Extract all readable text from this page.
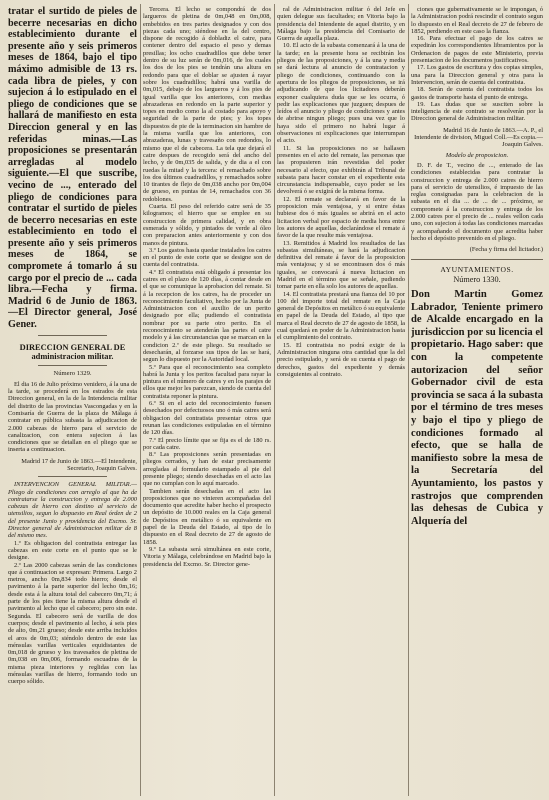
tratar el surtido de pieles de becerre necesarias en dicho establecimiento durante el presente año y seis primeros meses de 1864, bajo el tipo máximo admisible de 13 rs. cada libra de pieles, y con sujecion á lo estipulado en el pliego de condiciones que se hallará de manifiesto en esta Direccion general y en las referidas minas.—Las proposiciones se presentarán arregladas al modelo siguiente.—El que suscribe, vecino de ..., enterado del pliego de condiciones para contratar el surtido de pieles de becerro necesarias en este establecimiento en todo el presente año y seis primeros meses de 1864, se compromete á tomarlo á su cargo por el precio de ... cada libra.—Fecha y firma. Madrid 6 de Junio de 1863. —El Director general, José Gener.

DIRECCION GENERAL DE administracion militar.

Número 1329.

El dia 16 de Julio próximo venidero, á la una de la tarde, se procederá en los estrados de esta Direccion general, en la de la Intendencia militar del distrito de las provincias Vascongadas y en la Comisaría de Guerra de la plaza de Málaga á contratar en pública subasta la adjudicacion de 2.000 cabezas de hierro para el servicio de canalizacion, con entera sujecion á las condiciones que se detallan en el pliego que se inserta a continuacion.

Madrid 17 de Junio de 1863.—El Intendente, Secretario, Joaquin Galves.

INTERVENCION GENERAL MILITAR.—Pliego de condiciones con arreglo al que ha de contratarse la construccion y entrega de 2.000 cabezas de hierro con destino al servicio de utensilios, segun lo dispuesto en Real órden de 2 del presente Junio y providencia del Excmo. Sr. Director general de Administracion militar de 8 del mismo mes.

1.º Es obligacion del contratista entregar las cabezas en este corte en el punto que se le designe.

2.º Las 2000 cabezas serán de las condiciones que á continuacion se expresan: Primera. Largo 2 metros, ancho 0m,834 todo hierro; desde el pavimento á la parte superior del lecho 0m,16; desde esta á la altura total del cabecero 0m,71; á parte de los pies tiene la misma altura desde el pavimento al lecho que el cabecero; pero sin este. Segunda. El cabecero será de varilla de dos cuerpos; desde el pavimento al lecho, á seis pies de alto, 0m,21 grueso; desde este arriba incluidos el aros de 0m,03; siéndolo dentro de este las ménsulas varillas verticales equidistantes de 0m,018 de grueso y los travesaños de pletina de 0m,038 en 0m,006, formando escuadras de la misma pieza interiores y reglidas con las ménsulas varillas de hierro, formando todo un cuerpo sólido.

Tercera. El lecho se compondrá de dos largueros de pletina de 0m,048 en 0m,008, embebidos en tres partes designados y con dos piezas cada uno; siéndose en la del centro, dispone de recogido á dobladiz el catre, para contener dentro del espacio el peso y demas presillas; los ocho cuadradillos que debe tener dentro de su luz serán de 0m,016, de los cuales los dos de los pies se tendrán una altura en redondo para que el doblar se ajusten á rayar sobre los cuadradillos; habrá una varilla de 0m,015, debajo de los largueros y á los pies de igual varilla que los anteriores, con medias abrazaderas en redondo en la parte superior y topes en medio como la al costado para apoyo y seguridad de la parte de pies; y los topes dispuestos de pie de la terminacion sin hambre de la misma varilla que los anteriores, con abrazaderas, lunas y travesaño con redondos, lo mismo que el de cabecera. La tela que dejará el catre despues de recogido será del ancho del lecho, y de 0m,035 de salida, y de dia a el con ruedas la mitad y la tercera: el remachado sobre los dos últimos cuadradillos, y remachados sobre 10 tirantes de flejo de 0m,038 ancho por 0m,004 de grueso, en puntas de 14, remachados con 36 redoblones.

Cuarta. El peso del referido catre será de 35 kilogramos; el hierro que se emplee en su construccion de primera calidad, y en obra esmerada y sólido, y pintados de verde al óleo con preparacion antes anteriormente y con dos manos de pintura.

3.º Los gastos hasta quedar instalados los catres en el punto de este corte que se designe son de cuenta del contratista.

4.º El contratista está obligado á presentar los catres en el plazo de 120 días, á contar desde en el que se comunique la aprobacion del remate. Si á la recepcion de los catres, ha de proceder un reconocimiento facultativo, hecho por la Junta de Administracion con el auxilio de un perito designado por ella; pudiendo el contratista nombrar por su parte otro perito. En el reconocimiento se atenderán las partes el catre modelo y á las circunstancias que se marcan en la condicion 2.ª de este pliego. Su resultado se desecharán, al forzarse sus tipos de las se hará, segun lo dispuesto por la Autoridad local.

5.º Para que el reconocimiento sea completo habrá la Junta y los peritos facultad para rayar la pintura en el número de catres y en los parajes de ellos que mejor les parezcan, siendo de cuenta del contratista reponer la pintura.

6.º Si en el acto del reconocimiento fuesen desechados por defectuosos uno ó más catres será obligacion del contratista presentar otros que reunan las condiciones estipuladas en el término de 120 días.

7.º El precio límite que se fija es el de 180 rs. por cada catre.

8.º Las proposiciones serán presentadas en pliegos cerrados, y han de estar precisamente arregladas al formulario estampado al pie del presente pliego; siendo desechadas en el acto las que no cumplan con lo aquí marcado.

Tambien serán desechadas en el acto las proposiciones que no vinieren acompañadas del documento que acredite haber hecho el prospecto un depósito de 10.000 reales en la Caja general de Depósitos en metálico ó su equivalente en papel de la Deuda del Estado, al tipo de lo dispuesto en el Real decreto de 27 de agosto de 1858.

9.º La subasta será simultánea en este corte, Vitoria y Málaga, celebrándose en Madrid bajo la presidencia del Excmo. Sr. Director gene-

ral de Administracion militar ó del Jefe en quien delegue sus facultades; en Vitoria bajo la presidencia del Intendente de aquel distrito, y en Málaga bajo la presidencia del Comisario de Guerra de aquella plaza.

10. El acto de la subasta comenzará á la una de la tarde; en la presente hora se recibirán los pliegos de las proposiciones, y á la una y media se dará lectura al anuncio de contratacion y pliego de condiciones, continuando con la apertura de los pliegos de proposiciones, se irá adjudicando de que los licitadores deberán exponer cualquiera duda que se les ocurra, ó pedir las explicaciones que juzguen; despues de leídos el anuncio y pliego de condiciones y antes de abrirse ningun pliego; pues una vez que lo haya sido el primero no habrá lugar á observaciones ni explicaciones que interrumpan el acto.

11. Si las proposiciones no se hallasen presentes en el acto del remate, las personas que las propusieren irán revestidas del poder necesario al efecto, que exhibirán al Tribunal de subasta para hacer constar en el expediente esta circunstancia indispensable, cuyo poder se les devolverá ó se exigirá de la misma forma.

12. El remate se declarará en favor de la proposicion más ventajosa, y si entre éstas hubiese dos ó más iguales se abrirá en el acto licitacion verbal por espacio de media hora entre los autores de aquellas, declarándose el remate á favor de la que resulte más ventajosa.

13. Remitidos á Madrid los resultados de las subastas simultáneas, se hará la adjudicacion definitiva del remate á favor de la proposicion más ventajosa; y si se encontrasen dos ó más iguales, se convocará á nueva licitacion en Madrid en el término que se señale, pudiendo tomar parte en ella solo los autores de aquellas.

14. El contratista prestará una fianza del 10 por 100 del importe total del remate en la Caja general de Depósitos en metálico ó su equivalente en papel de la Deuda del Estado, al tipo que marca el Real decreto de 27 de agosto de 1858, la cual quedará en poder de la Administracion hasta el cumplimiento del contrato.

15. El contratista no podrá exigir de la Administracion ninguna otra cantidad que la del precio estipulado, y será de su cuenta el pago de derechos, gastos del expediente y demás consiguientes al contrato.

ciones que gubernativamente se le impongan, ó la Administracion podrá rescindir el contrato segun lo dispuesto en el Real decreto de 27 de febrero de 1852, perdiendo en este caso la fianza.

16. Para efectuar el pago de los catres se expedirán los correspondientes libramientos por la Ordenacion de pagos de este Ministerio, previa presentacion de los documentos justificativos.

17. Los gastos de escritura y dos copias simples, una para la Direccion general y otra para la Intervencion, serán de cuenta del contratista.

18. Serán de cuenta del contratista todos los gastos de transporte hasta el punto de entrega.

19. Las dudas que se susciten sobre la inteligencia de este contrato se resolverán por la Direccion general de Administracion militar.

Madrid 16 de Junio de 1863.—A. P., el Intendente de division, Miguel Coll.—Es copia.—Joaquin Galves.

Modelo de proposicion.

D. F. de T., vecino de ..., enterado de las condiciones establecidas para contratar la construccion y entrega de 2.000 catres de hierro para el servicio de utensilios, é impuesto de las reglas consignadas para la celebracion de la subasta en el dia ... de ... de ... próximo, se compromete á la construccion y entrega de los 2.000 catres por el precio de ... reales vellon cada uno, con sujecion á todas las condiciones marcadas y acompañando el documento que acredita haber hecho el depósito prevenido en el pliego.

(Fecha y firma del licitador.)

AYUNTAMIENTOS.

Número 1330.

Don Martin Gomez Labrador, Teniente primero de Alcalde encargado en la jurisdiccion por su licencia el propietario. Hago saber: que con la competente autorizacion del señor Gobernador civil de esta provincia se saca á la subasta por el término de tres meses y bajo el tipo y pliego de condiciones formado al efecto, que se halla de manifiesto sobre la mesa de la Secretaría del Ayuntamiento, los pastos y rastrojos que comprenden las dehesas de Cubica y Alquería del
